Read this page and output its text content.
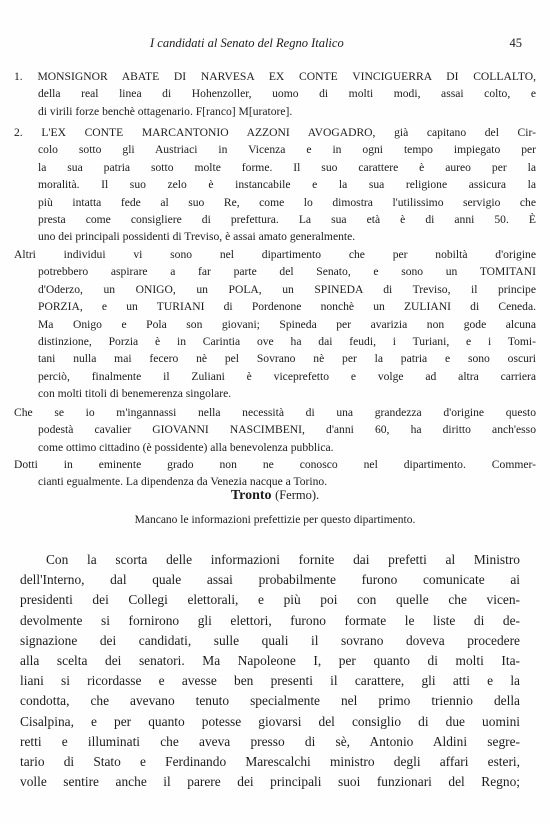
I candidati al Senato del Regno Italico	45
1. MONSIGNOR ABATE DI NARVESA EX CONTE VINCIGUERRA DI COLLALTO,
della real linea di Hohenzoller, uomo di molti modi, assai colto, e
di virili forze benchè ottagenario. F[ranco] M[uratore].
2. L'EX CONTE MARCANTONIO AZZONI AVOGADRO, già capitano del Cir-
colo sotto gli Austriaci in Vicenza e in ogni tempo impiegato per
la sua patria sotto molte forme. Il suo carattere è aureo per la
moralità. Il suo zelo è instancabile e la sua religione assicura la
più intatta fede al suo Re, come lo dimostra l'utilissimo servigio che
presta come consigliere di prefettura. La sua età è di anni 50. È
uno dei principali possidenti di Treviso, è assai amato generalmente.
Altri individui vi sono nel dipartimento che per nobiltà d'origine
potrebbero aspirare a far parte del Senato, e sono un TOMITANI
d'Oderzo, un ONIGO, un POLA, un SPINEDA di Treviso, il principe
PORZIA, e un TURIANI di Pordenone nonchè un ZULIANI di Ceneda.
Ma Onigo e Pola son giovani; Spineda per avarizia non gode alcuna
distinzione, Porzia è in Carintia ove ha dai feudi, i Turiani, e i Tomi-
tani nulla mai fecero nè pel Sovrano nè per la patria e sono oscuri
perciò, finalmente il Zuliani è viceprefetto e volge ad altra carriera
con molti titoli di benemerenza singolare.
Che se io m'ingannassi nella necessità di una grandezza d'origine questo
podestà cavalier GIOVANNI NASCIMBENI, d'anni 60, ha diritto anch'esso
come ottimo cittadino (è possidente) alla benevolenza pubblica.
Dotti in eminente grado non ne conosco nel dipartimento. Commer-
cianti egualmente. La dipendenza da Venezia nacque a Torino.
Tronto (Fermo).
Mancano le informazioni prefettizie per questo dipartimento.
Con la scorta delle informazioni fornite dai prefetti al Ministro
dell'Interno, dal quale assai probabilmente furono comunicate ai
presidenti dei Collegi elettorali, e più poi con quelle che vicen-
devolmente si fornirono gli elettori, furono formate le liste di de-
signazione dei candidati, sulle quali il sovrano doveva procedere
alla scelta dei senatori. Ma Napoleone I, per quanto di molti Ita-
liani si ricordasse e avesse ben presenti il carattere, gli atti e la
condotta, che avevano tenuto specialmente nel primo triennio della
Cisalpina, e per quanto potesse giovarsi del consiglio di due uomini
retti e illuminati che aveva presso di sè, Antonio Aldini segre-
tario di Stato e Ferdinando Marescalchi ministro degli affari esteri,
volle sentire anche il parere dei principali suoi funzionari del Regno;
